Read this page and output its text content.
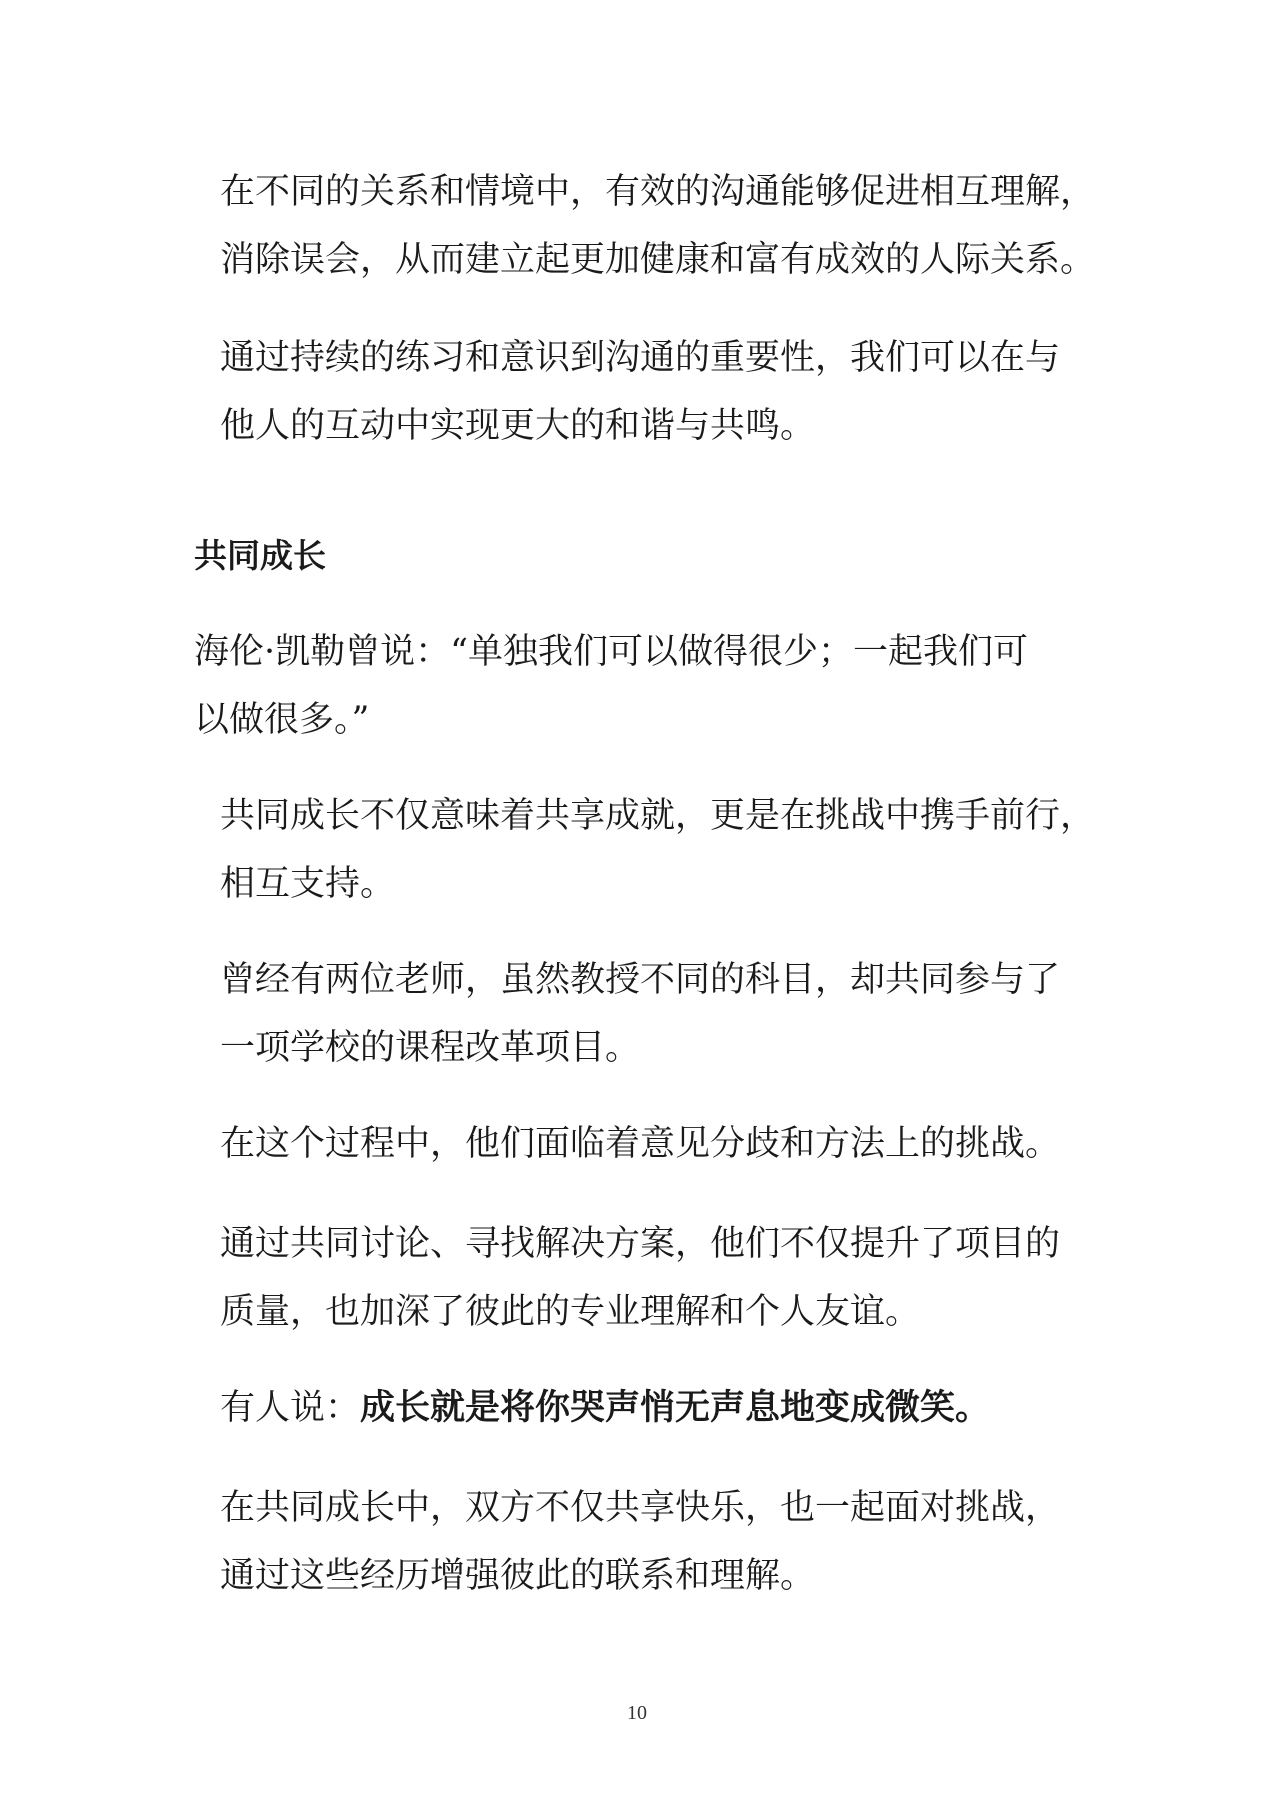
在不同的关系和情境中，有效的沟通能够促进相互理解，
消除误会，从而建立起更加健康和富有成效的人际关系。

通过持续的练习和意识到沟通的重要性，我们可以在与
他人的互动中实现更大的和谐与共鸣。

共同成长

海伦·凯勒曾说：“单独我们可以做得很少；一起我们可
以做很多。”

共同成长不仅意味着共享成就，更是在挑战中携手前行，
相互支持。

曾经有两位老师，虽然教授不同的科目，却共同参与了
一项学校的课程改革项目。

在这个过程中，他们面临着意见分歧和方法上的挑战。

通过共同讨论、寻找解决方案，他们不仅提升了项目的
质量，也加深了彼此的专业理解和个人友谊。

有人说：成长就是将你哭声悄无声息地变成微笑。

在共同成长中，双方不仅共享快乐，也一起面对挑战，
通过这些经历增强彼此的联系和理解。

10
